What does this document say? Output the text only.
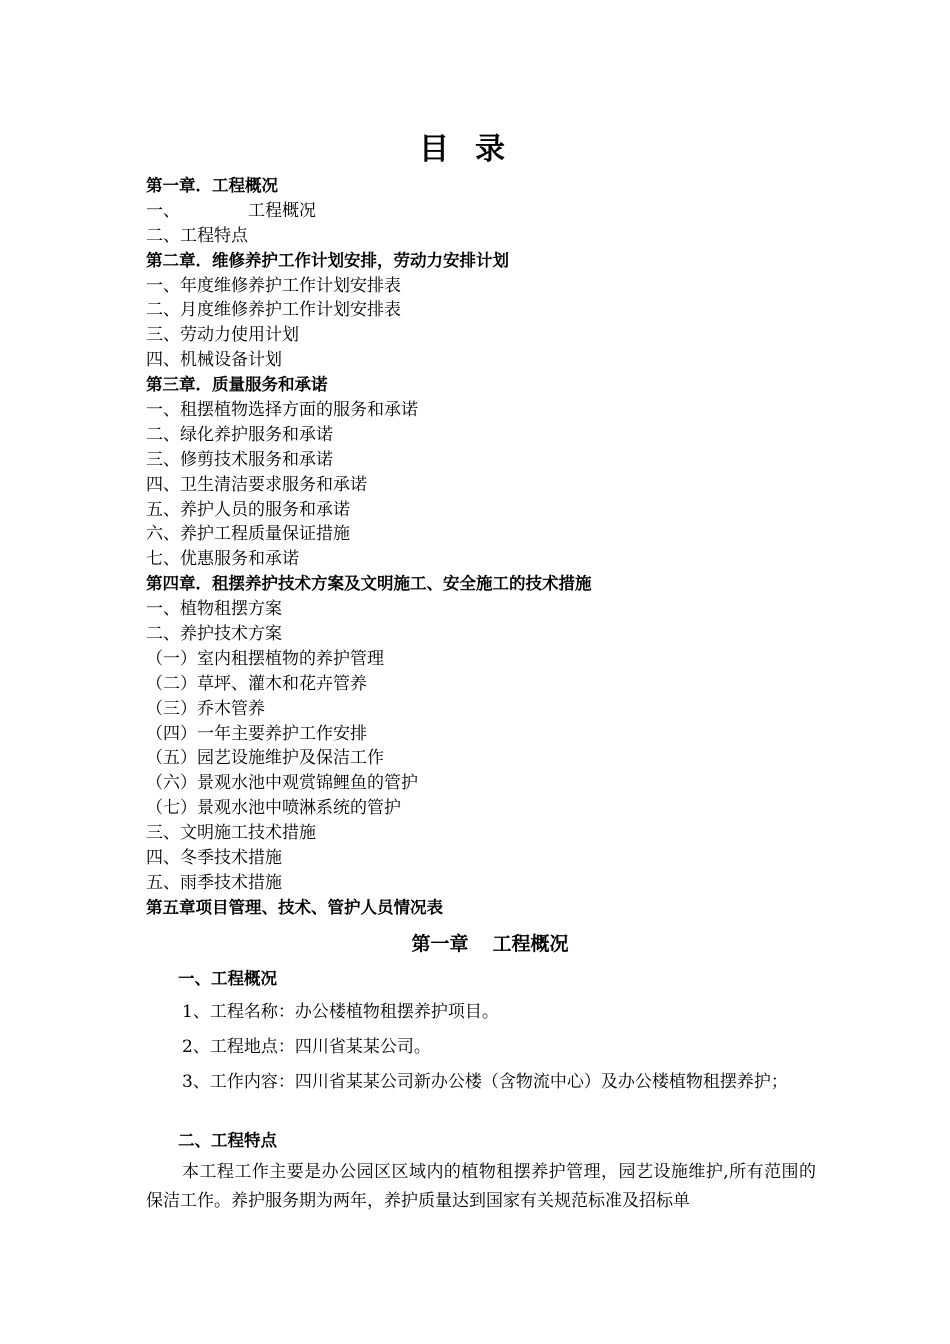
目录
第一章．工程概况
一、	工程概况
二、工程特点
第二章．维修养护工作计划安排，劳动力安排计划
一、年度维修养护工作计划安排表
二、月度维修养护工作计划安排表
三、劳动力使用计划
四、机械设备计划
第三章．质量服务和承诺
一、租摆植物选择方面的服务和承诺
二、绿化养护服务和承诺
三、修剪技术服务和承诺
四、卫生清洁要求服务和承诺
五、养护人员的服务和承诺
六、养护工程质量保证措施
七、优惠服务和承诺
第四章．租摆养护技术方案及文明施工、安全施工的技术措施
一、植物租摆方案
二、养护技术方案
（一）室内租摆植物的养护管理
（二）草坪、灌木和花卉管养
（三）乔木管养
（四）一年主要养护工作安排
（五）园艺设施维护及保洁工作
（六）景观水池中观赏锦鲤鱼的管护
（七）景观水池中喷淋系统的管护
三、文明施工技术措施
四、冬季技术措施
五、雨季技术措施
第五章项目管理、技术、管护人员情况表
第一章 工程概况
一、工程概况
1、工程名称：办公楼植物租摆养护项目。
2、工程地点：四川省某某公司。
3、工作内容：四川省某某公司新办公楼（含物流中心）及办公楼植物租摆养护；
二、工程特点
本工程工作主要是办公园区区域内的植物租摆养护管理，园艺设施维护,所有范围的保洁工作。养护服务期为两年，养护质量达到国家有关规范标准及招标单
